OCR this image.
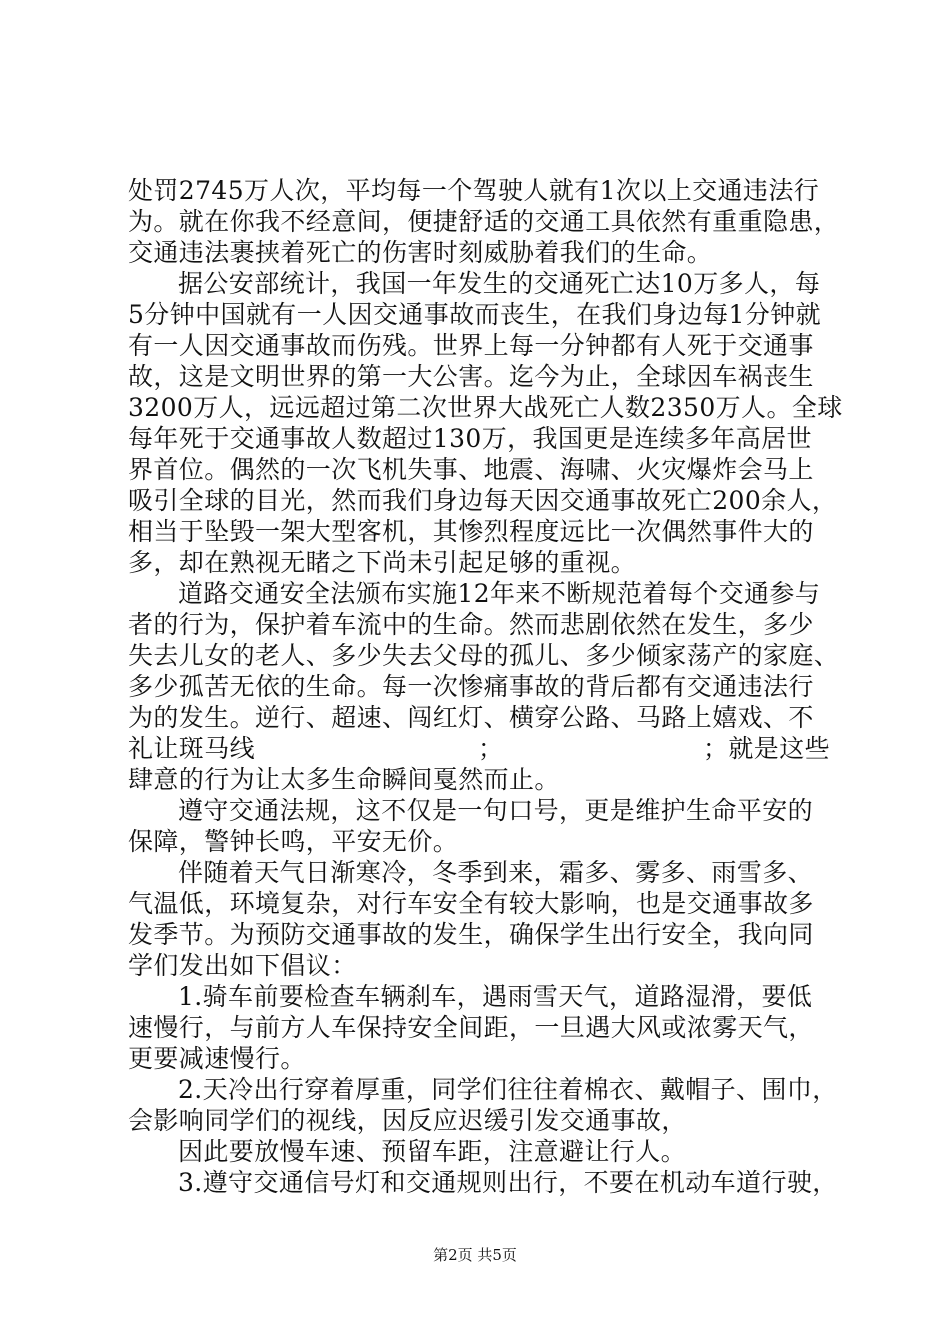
处罚2745万人次，平均每一个驾驶人就有1次以上交通违法行
为。就在你我不经意间，便捷舒适的交通工具依然有重重隐患，
交通违法裹挟着死亡的伤害时刻威胁着我们的生命。
据公安部统计，我国一年发生的交通死亡达10万多人，每
5分钟中国就有一人因交通事故而丧生，在我们身边每1分钟就
有一人因交通事故而伤残。世界上每一分钟都有人死于交通事
故，这是文明世界的第一大公害。迄今为止，全球因车祸丧生
3200万人，远远超过第二次世界大战死亡人数2350万人。全球
每年死于交通事故人数超过130万，我国更是连续多年高居世
界首位。偶然的一次飞机失事、地震、海啸、火灾爆炸会马上
吸引全球的目光，然而我们身边每天因交通事故死亡200余人，
相当于坠毁一架大型客机，其惨烈程度远比一次偶然事件大的
多，却在熟视无睹之下尚未引起足够的重视。
道路交通安全法颁布实施12年来不断规范着每个交通参与
者的行为，保护着车流中的生命。然而悲剧依然在发生，多少
失去儿女的老人、多少失去父母的孤儿、多少倾家荡产的家庭、
多少孤苦无依的生命。每一次惨痛事故的背后都有交通违法行
为的发生。逆行、超速、闯红灯、横穿公路、马路上嬉戏、不
礼让斑马线	；	；就是这些
肆意的行为让太多生命瞬间戛然而止。
遵守交通法规，这不仅是一句口号，更是维护生命平安的
保障，警钟长鸣，平安无价。
伴随着天气日渐寒冷，冬季到来，霜多、雾多、雨雪多、
气温低，环境复杂，对行车安全有较大影响，也是交通事故多
发季节。为预防交通事故的发生，确保学生出行安全，我向同
学们发出如下倡议：
1.骑车前要检查车辆刹车，遇雨雪天气，道路湿滑，要低
速慢行，与前方人车保持安全间距，一旦遇大风或浓雾天气，
更要减速慢行。
2.天冷出行穿着厚重，同学们往往着棉衣、戴帽子、围巾，
会影响同学们的视线，因反应迟缓引发交通事故，
因此要放慢车速、预留车距，注意避让行人。
3.遵守交通信号灯和交通规则出行，不要在机动车道行驶，
第2页 共5页
